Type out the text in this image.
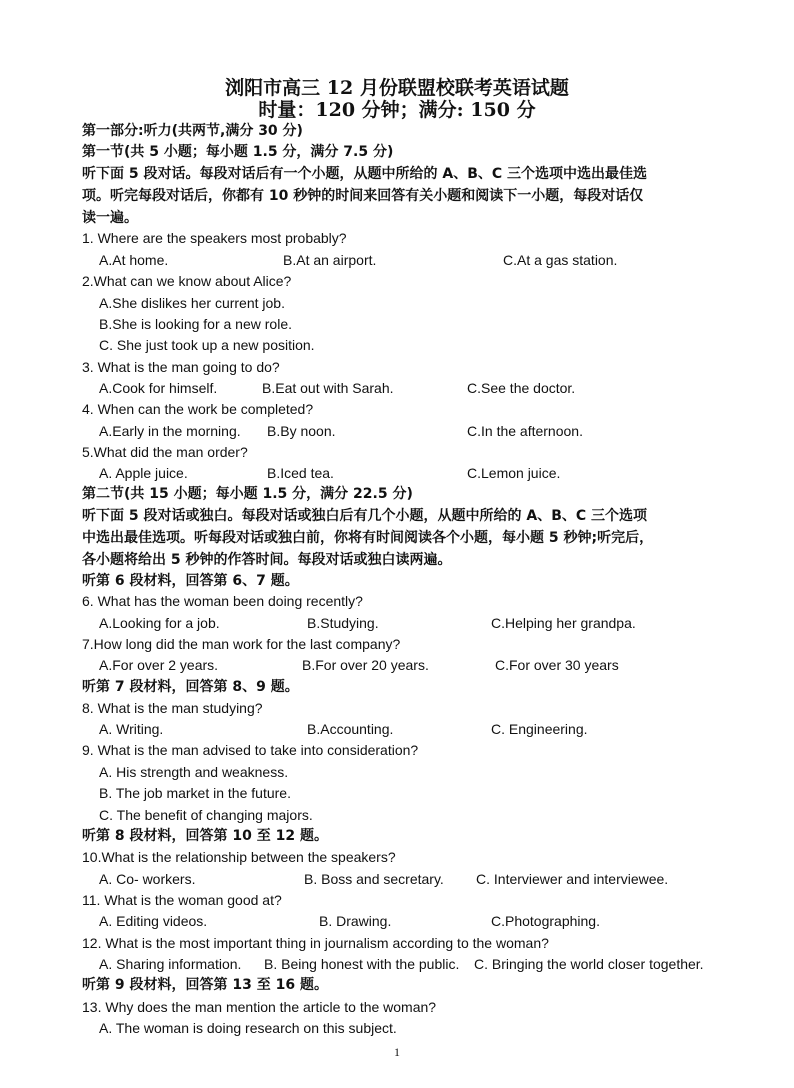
浏阳市高三 12 月份联盟校联考英语试题
时量：120 分钟；满分: 150 分
第一部分:听力(共两节,满分 30 分)
第一节(共 5 小题；每小题 1.5 分，满分 7.5 分)
听下面 5 段对话。每段对话后有一个小题，从题中所给的 A、B、C 三个选项中选出最佳选
项。听完每段对话后，你都有 10 秒钟的时间来回答有关小题和阅读下一小题，每段对话仅
读一遍。
1. Where are the speakers most probably?
A.At home.	B.At an airport.	C.At a gas station.
2.What can we know about Alice?
A.She dislikes her current job.
B.She is looking for a new role.
C. She just took up a new position.
3. What is the man going to do?
A.Cook for himself.	B.Eat out with Sarah.	C.See the doctor.
4. When can the work be completed?
A.Early in the morning. B.By noon.	C.In the afternoon.
5.What did the man order?
A. Apple juice.	B.Iced tea.	C.Lemon juice.
第二节(共 15 小题；每小题 1.5 分，满分 22.5 分)
听下面 5 段对话或独白。每段对话或独白后有几个小题，从题中所给的 A、B、C 三个选项
中选出最佳选项。听每段对话或独白前，你将有时间阅读各个小题，每小题 5 秒钟;听完后，
各小题将给出 5 秒钟的作答时间。每段对话或独白读两遍。
听第 6 段材料，回答第 6、7 题。
6. What has the woman been doing recently?
A.Looking for a job.	B.Studying.	C.Helping her grandpa.
7.How long did the man work for the last company?
A.For over 2 years.	B.For over 20 years.	C.For over 30 years
听第 7 段材料，回答第 8、9 题。
8. What is the man studying?
A. Writing.	B.Accounting.	C. Engineering.
9. What is the man advised to take into consideration?
A. His strength and weakness.
B. The job market in the future.
C. The benefit of changing majors.
听第 8 段材料，回答第 10 至 12 题。
10.What is the relationship between the speakers?
A. Co- workers.	B. Boss and secretary. C. Interviewer and interviewee.
11. What is the woman good at?
A. Editing videos.	B. Drawing.	C.Photographing.
12. What is the most important thing in journalism according to the woman?
A. Sharing information. B. Being honest with the public. C. Bringing the world closer together.
听第 9 段材料，回答第 13 至 16 题。
13. Why does the man mention the article to the woman?
A. The woman is doing research on this subject.
1
